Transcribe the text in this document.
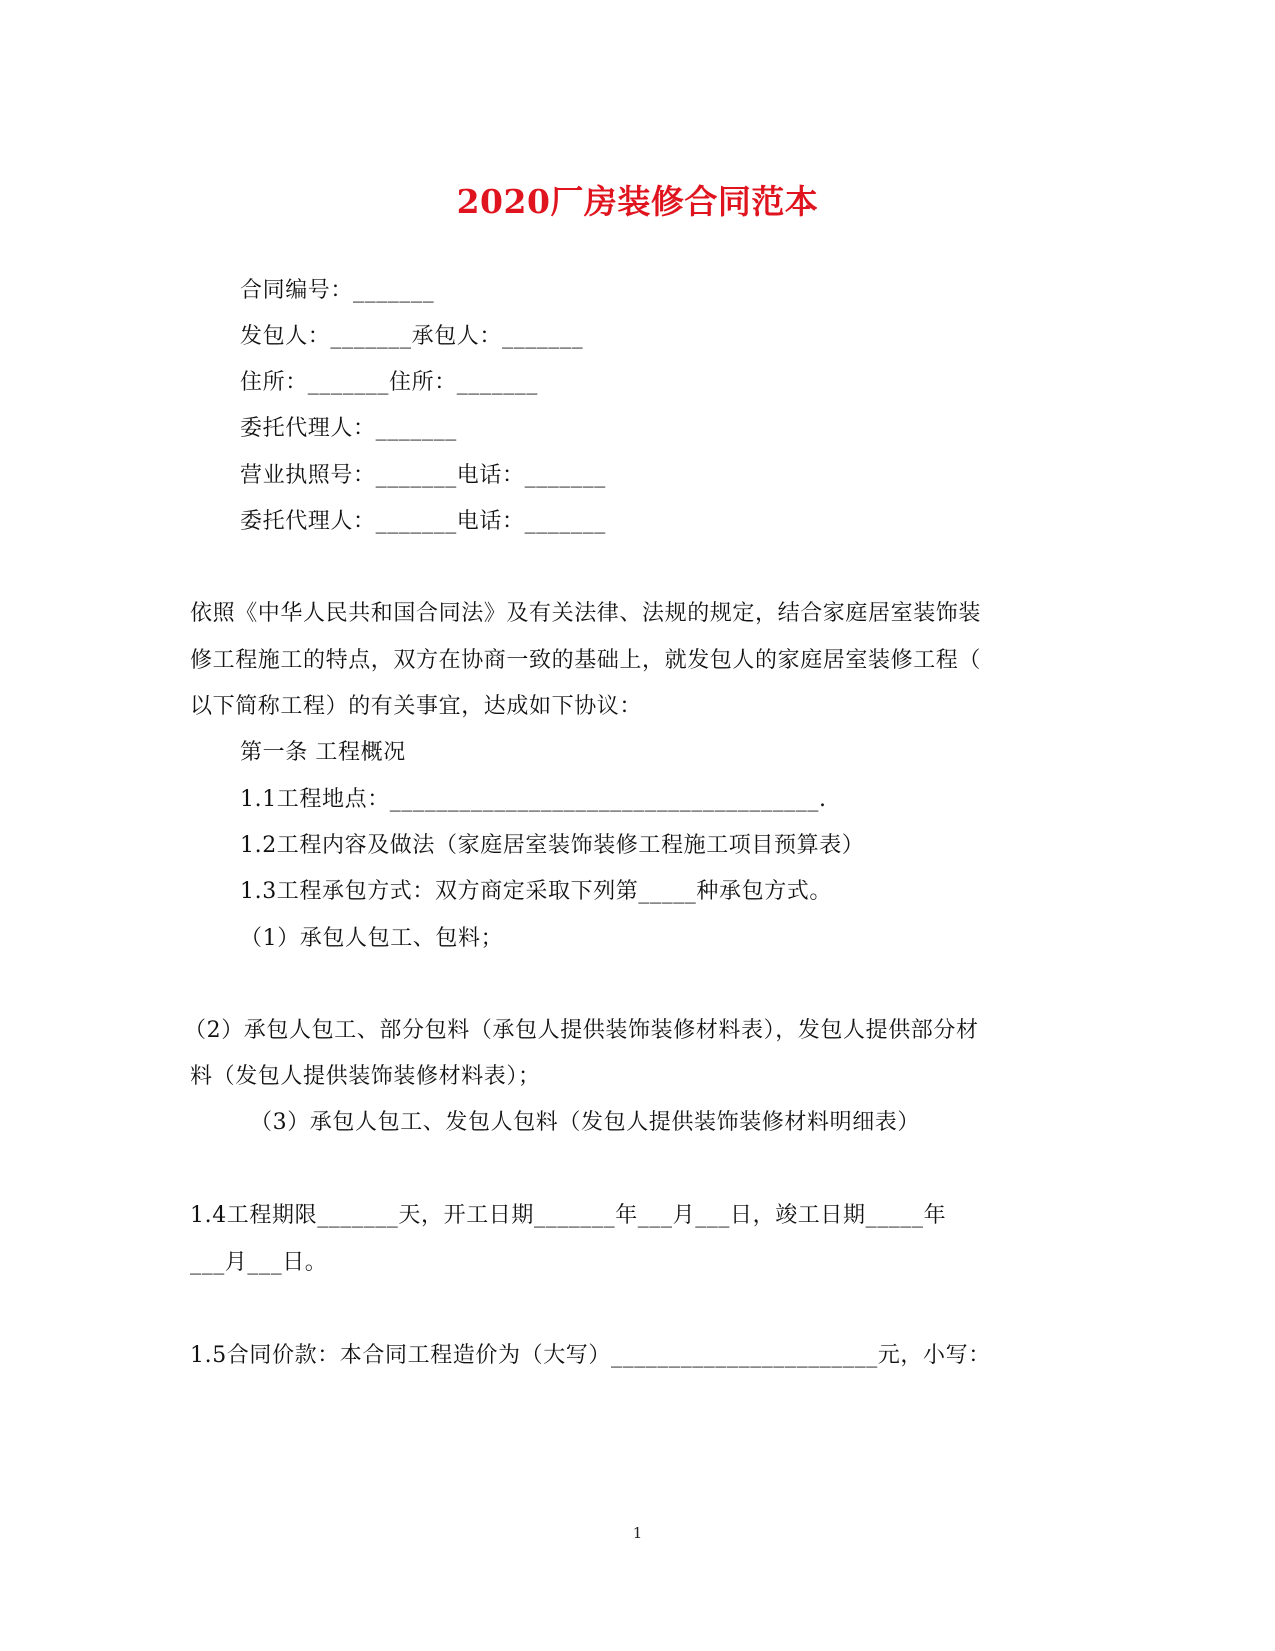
2020厂房装修合同范本
合同编号：_______
发包人：_______承包人：_______
住所：_______住所：_______
委托代理人：_______
营业执照号：_______电话：_______
委托代理人：_______电话：_______
依照《中华人民共和国合同法》及有关法律、法规的规定，结合家庭居室装饰装
修工程施工的特点，双方在协商一致的基础上，就发包人的家庭居室装修工程（
以下简称工程）的有关事宜，达成如下协议：
第一条 工程概况
1.1工程地点：_____________________________________.
1.2工程内容及做法（家庭居室装饰装修工程施工项目预算表）
1.3工程承包方式：双方商定采取下列第_____种承包方式。
（1）承包人包工、包料；
（2）承包人包工、部分包料（承包人提供装饰装修材料表），发包人提供部分材
料（发包人提供装饰装修材料表）；
（3）承包人包工、发包人包料（发包人提供装饰装修材料明细表）
1.4工程期限_______天，开工日期_______年___月___日，竣工日期_____年
___月___日。
1.5合同价款：本合同工程造价为（大写）_______________________元，小写：
1
